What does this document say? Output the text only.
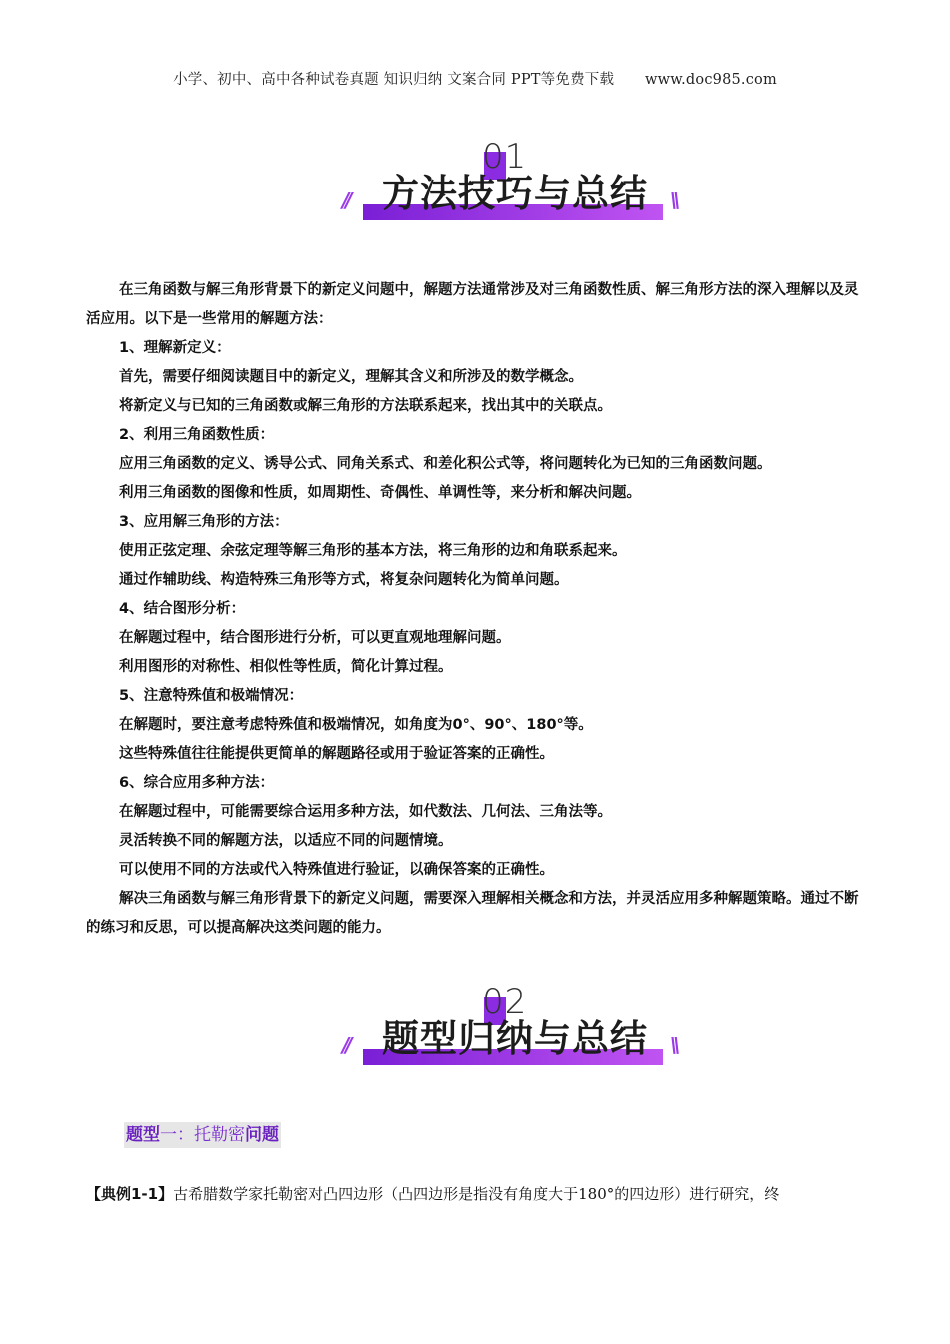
小学、初中、高中各种试卷真题 知识归纳 文案合同 PPT等免费下载 www.doc985.com
01
// 方法技巧与总结	\\

在三角函数与解三角形背景下的新定义问题中，解题方法通常涉及对三角函数性质、解三角形方法的深入理解以及灵活应用。以下是一些常用的解题方法：

1、理解新定义：

首先，需要仔细阅读题目中的新定义，理解其含义和所涉及的数学概念。

将新定义与已知的三角函数或解三角形的方法联系起来，找出其中的关联点。

2、利用三角函数性质：

应用三角函数的定义、诱导公式、同角关系式、和差化积公式等，将问题转化为已知的三角函数问题。

利用三角函数的图像和性质，如周期性、奇偶性、单调性等，来分析和解决问题。

3、应用解三角形的方法：

使用正弦定理、余弦定理等解三角形的基本方法，将三角形的边和角联系起来。

通过作辅助线、构造特殊三角形等方式，将复杂问题转化为简单问题。

4、结合图形分析：

在解题过程中，结合图形进行分析，可以更直观地理解问题。

利用图形的对称性、相似性等性质，简化计算过程。

5、注意特殊值和极端情况：

在解题时，要注意考虑特殊值和极端情况，如角度为0°、90°、180°等。

这些特殊值往往能提供更简单的解题路径或用于验证答案的正确性。

6、综合应用多种方法：

在解题过程中，可能需要综合运用多种方法，如代数法、几何法、三角法等。

灵活转换不同的解题方法，以适应不同的问题情境。

可以使用不同的方法或代入特殊值进行验证，以确保答案的正确性。

解决三角函数与解三角形背景下的新定义问题，需要深入理解相关概念和方法，并灵活应用多种解题策略。通过不断的练习和反思，可以提高解决这类问题的能力。

02
// 题型归纳与总结	\\
题型一：托勒密问题
【典例1-1】古希腊数学家托勒密对凸四边形（凸四边形是指没有角度大于180°的四边形）进行研究，终
